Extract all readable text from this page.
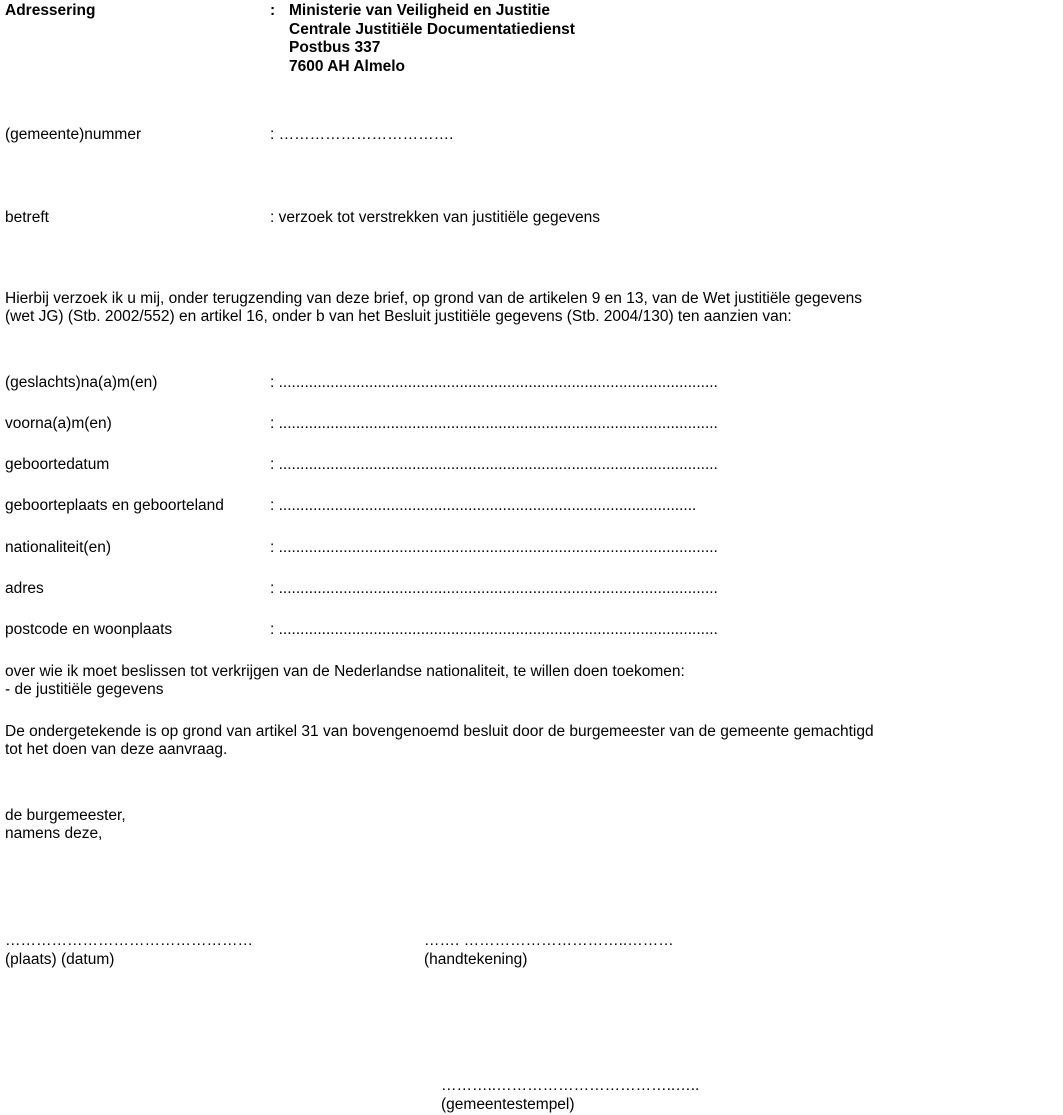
Adressering	: Ministerie van Veiligheid en Justitie
Centrale Justitiële Documentatiedienst
Postbus 337
7600 AH Almelo
(gemeente)nummer	: …………………………….
betreft	: verzoek tot verstrekken van justitiële gegevens
Hierbij verzoek ik u mij, onder terugzending van deze brief, op grond van de artikelen 9 en 13, van de Wet justitiële gegevens
(wet JG) (Stb. 2002/552) en artikel 16, onder b van het Besluit justitiële gegevens (Stb. 2004/130) ten aanzien van:
(geslachts)na(a)m(en)	: ......................................................................................................
voorna(a)m(en)	: ......................................................................................................
geboortedatum	: ......................................................................................................
geboorteplaats en geboorteland	: .................................................................................................
nationaliteit(en)	: ......................................................................................................
adres	: ......................................................................................................
postcode en woonplaats	: ......................................................................................................
over wie ik moet beslissen tot verkrijgen van de Nederlandse nationaliteit, te willen doen toekomen:
- de justitiële gegevens
De ondergetekende is op grond van artikel 31 van bovengenoemd besluit door de burgemeester van de gemeente gemachtigd
tot het doen van deze aanvraag.
de burgemeester,
namens deze,
…………………………………………
(plaats) (datum)
……. …………………………..………
(handtekening)
………..……………………………..…..
(gemeentestempel)
